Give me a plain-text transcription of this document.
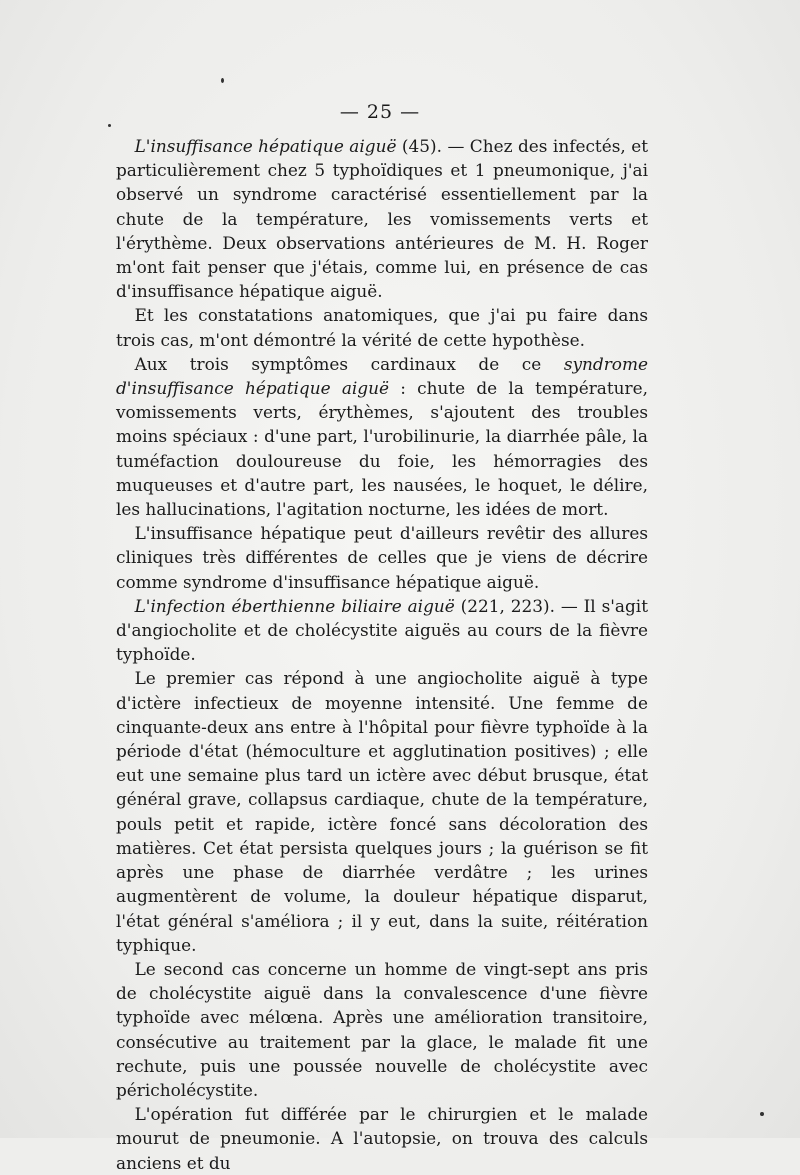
— 25 —

L'insuffisance hépatique aiguë (45). — Chez des infectés, et particulièrement chez 5 typhoïdiques et 1 pneumonique, j'ai observé un syndrome caractérisé essentiellement par la chute de la température, les vomissements verts et l'érythème. Deux observations antérieures de M. H. Roger m'ont fait penser que j'étais, comme lui, en présence de cas d'insuffisance hépatique aiguë.

Et les constatations anatomiques, que j'ai pu faire dans trois cas, m'ont démontré la vérité de cette hypothèse.

Aux trois symptômes cardinaux de ce syndrome d'insuffisance hépatique aiguë : chute de la température, vomissements verts, érythèmes, s'ajoutent des troubles moins spéciaux : d'une part, l'urobilinurie, la diarrhée pâle, la tuméfaction douloureuse du foie, les hémorragies des muqueuses et d'autre part, les nausées, le hoquet, le délire, les hallucinations, l'agitation nocturne, les idées de mort.

L'insuffisance hépatique peut d'ailleurs revêtir des allures cliniques très différentes de celles que je viens de décrire comme syndrome d'insuffisance hépatique aiguë.

L'infection éberthienne biliaire aiguë (221, 223). — Il s'agit d'angiocholite et de cholécystite aiguës au cours de la fièvre typhoïde.

Le premier cas répond à une angiocholite aiguë à type d'ictère infectieux de moyenne intensité. Une femme de cinquante-deux ans entre à l'hôpital pour fièvre typhoïde à la période d'état (hémoculture et agglutination positives) ; elle eut une semaine plus tard un ictère avec début brusque, état général grave, collapsus cardiaque, chute de la température, pouls petit et rapide, ictère foncé sans décoloration des matières. Cet état persista quelques jours ; la guérison se fit après une phase de diarrhée verdâtre ; les urines augmentèrent de volume, la douleur hépatique disparut, l'état général s'améliora ; il y eut, dans la suite, réitération typhique.

Le second cas concerne un homme de vingt-sept ans pris de cholécystite aiguë dans la convalescence d'une fièvre typhoïde avec mélœna. Après une amélioration transitoire, consécutive au traitement par la glace, le malade fit une rechute, puis une poussée nouvelle de cholécystite avec péricholécystite.

L'opération fut différée par le chirurgien et le malade mourut de pneumonie. A l'autopsie, on trouva des calculs anciens et du
